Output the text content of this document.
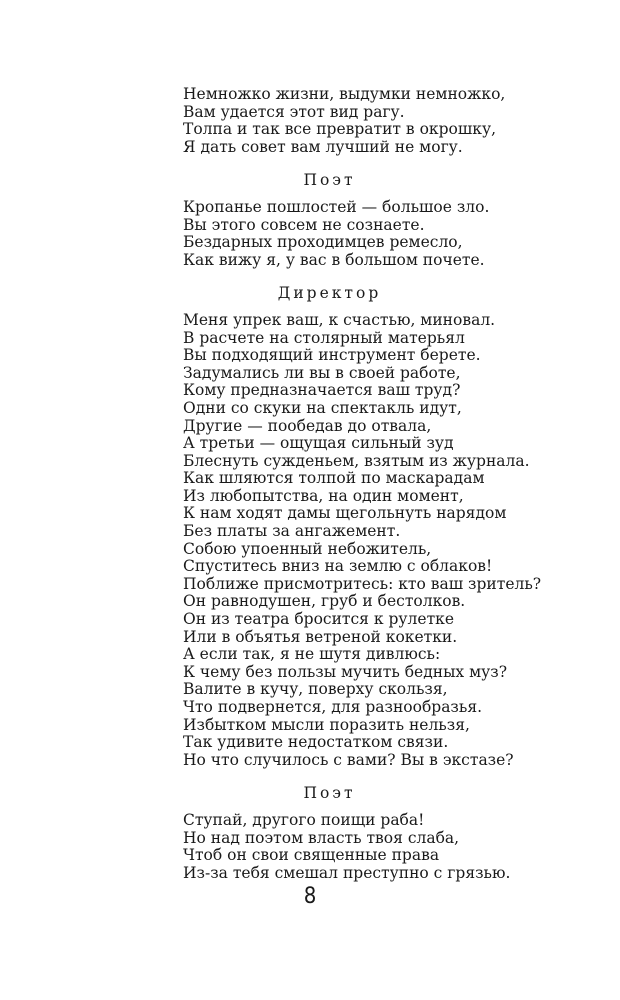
Немножко жизни, выдумки немножко,
Вам удается этот вид рагу.
Толпа и так все превратит в окрошку,
Я дать совет вам лучший не могу.
Поэт
Кропанье пошлостей — большое зло.
Вы этого совсем не сознаете.
Бездарных проходимцев ремесло,
Как вижу я, у вас в большом почете.
Директор
Меня упрек ваш, к счастью, миновал.
В расчете на столярный матерьял
Вы подходящий инструмент берете.
Задумались ли вы в своей работе,
Кому предназначается ваш труд?
Одни со скуки на спектакль идут,
Другие — пообедав до отвала,
А третьи — ощущая сильный зуд
Блеснуть сужденьем, взятым из журнала.
Как шляются толпой по маскарадам
Из любопытства, на один момент,
К нам ходят дамы щегольнуть нарядом
Без платы за ангажемент.
Собою упоенный небожитель,
Спуститесь вниз на землю с облаков!
Поближе присмотритесь: кто ваш зритель?
Он равнодушен, груб и бестолков.
Он из театра бросится к рулетке
Или в объятья ветреной кокетки.
А если так, я не шутя дивлюсь:
К чему без пользы мучить бедных муз?
Валите в кучу, поверху скользя,
Что подвернется, для разнообразья.
Избытком мысли поразить нельзя,
Так удивите недостатком связи.
Но что случилось с вами? Вы в экстазе?
Поэт
Ступай, другого поищи раба!
Но над поэтом власть твоя слаба,
Чтоб он свои священные права
Из-за тебя смешал преступно с грязью.
8
